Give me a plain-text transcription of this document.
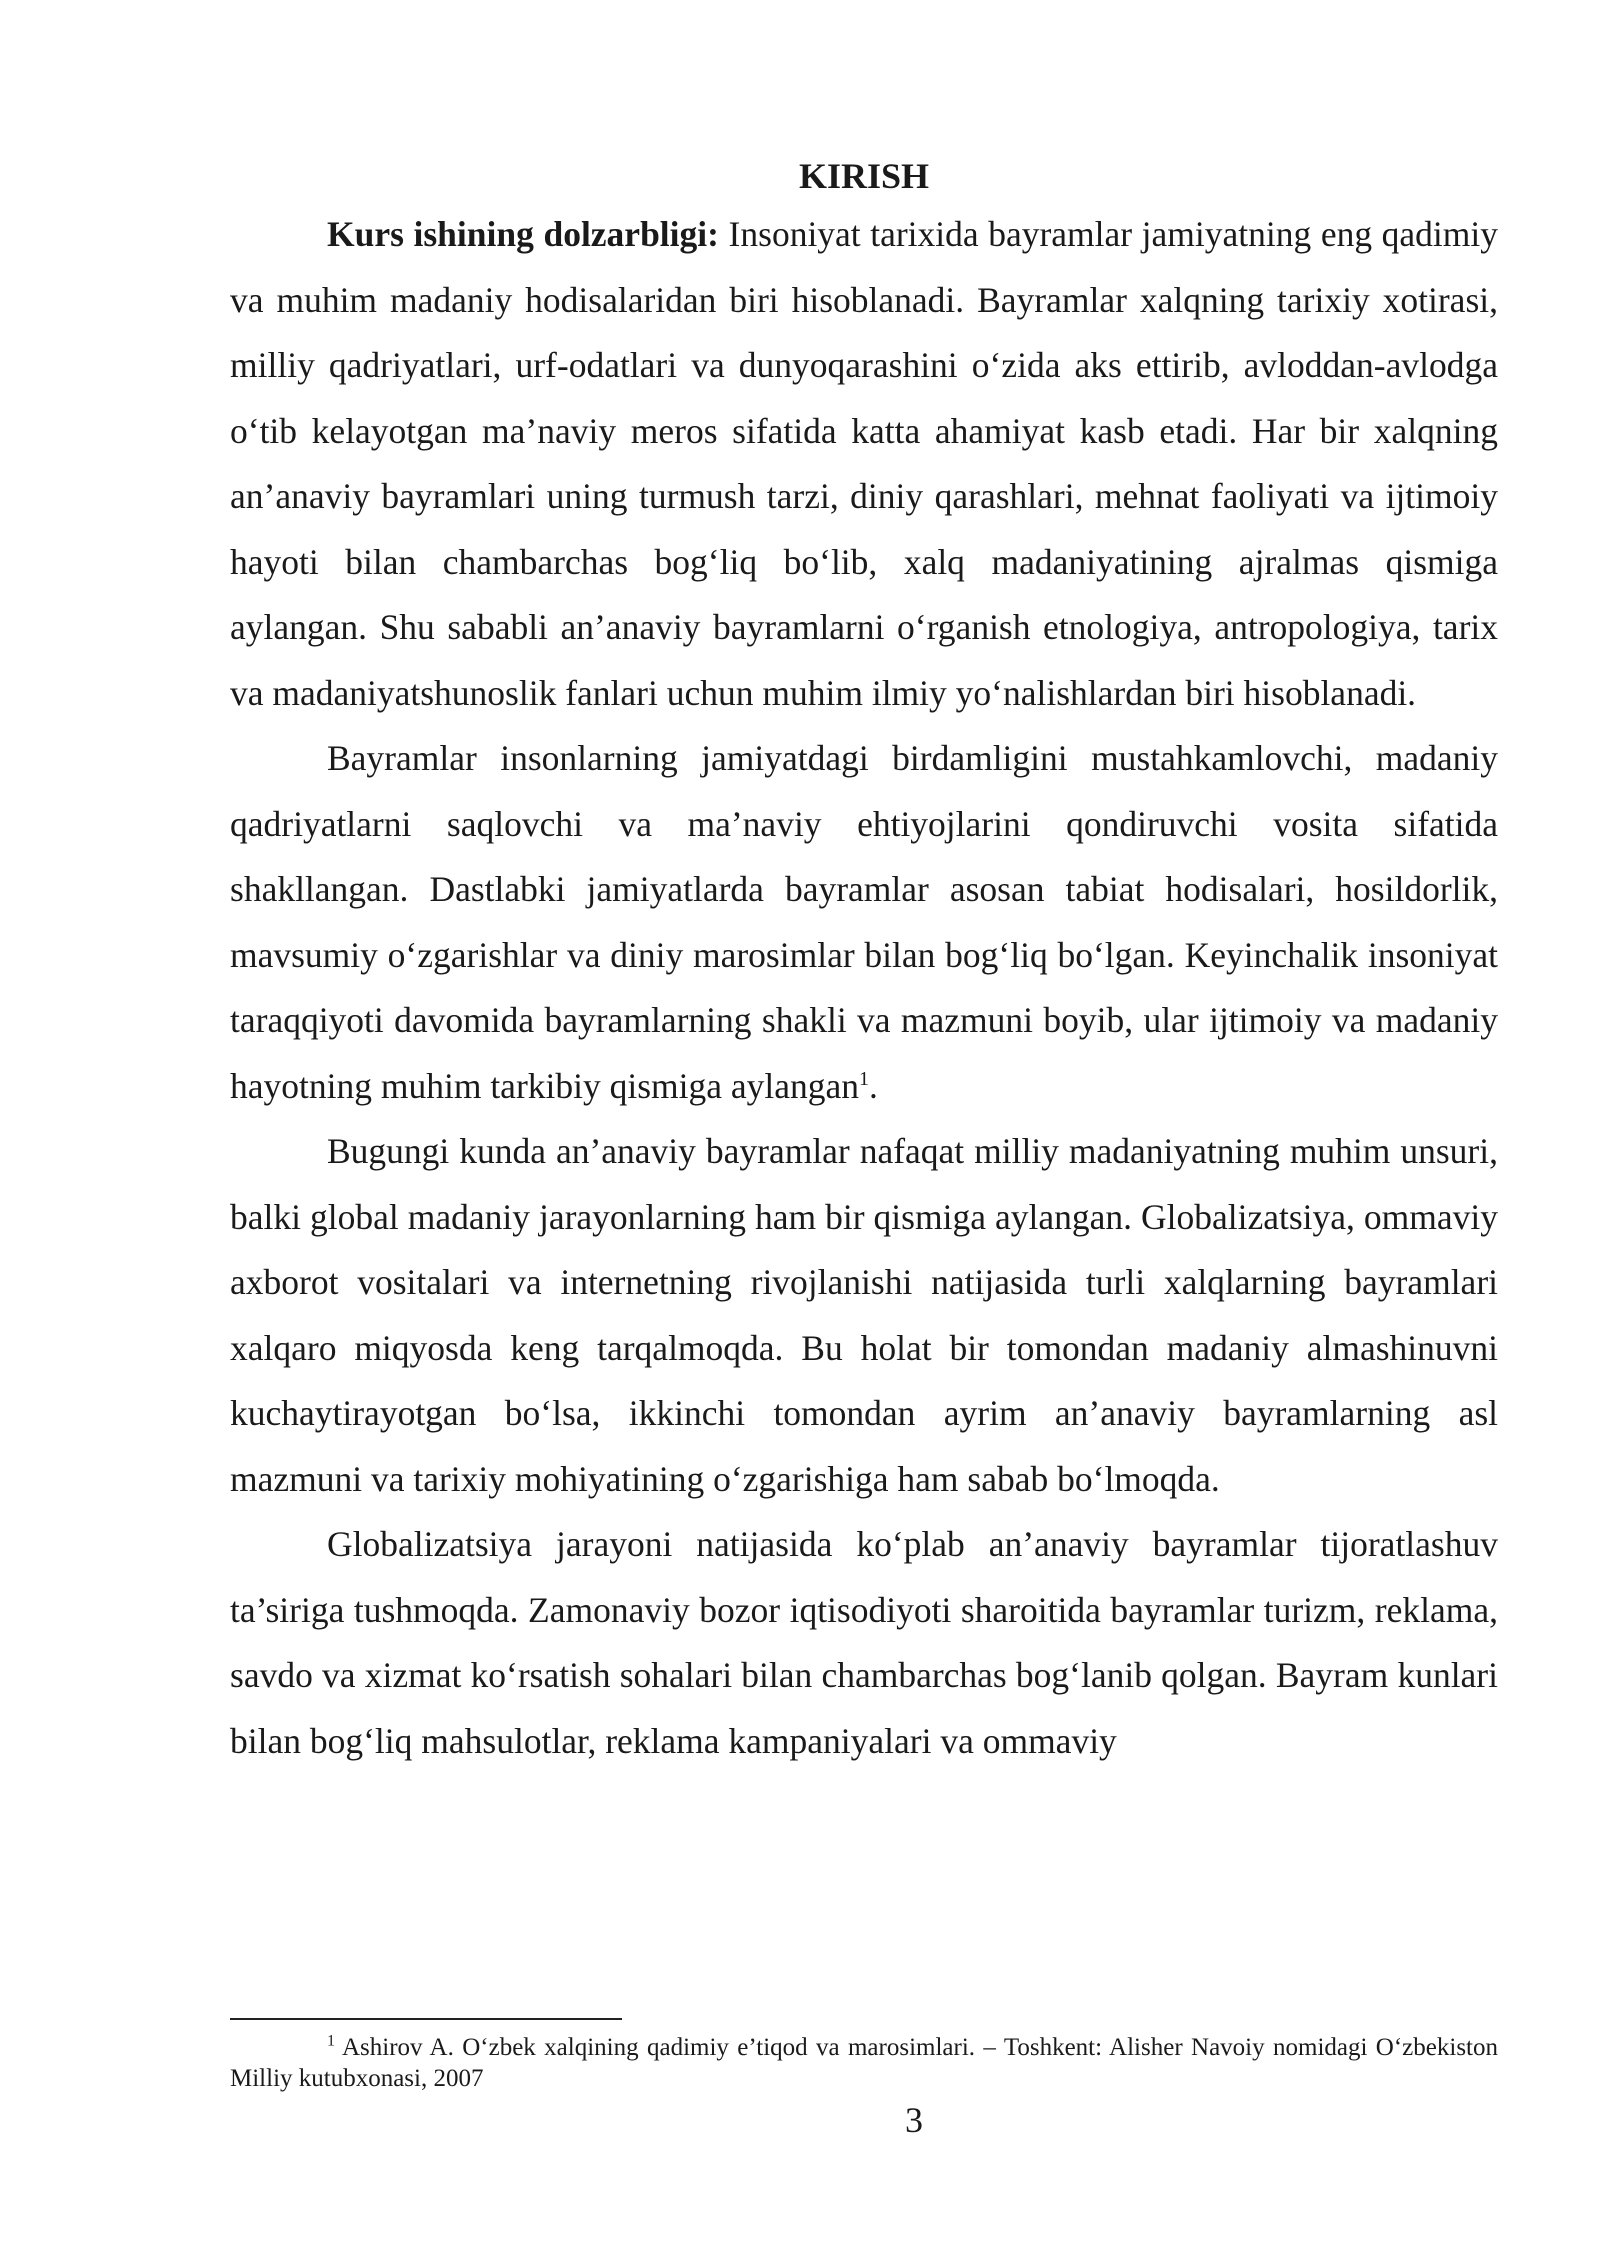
KIRISH

Kurs ishining dolzarbligi: Insoniyat tarixida bayramlar jamiyatning eng qadimiy va muhim madaniy hodisalaridan biri hisoblanadi. Bayramlar xalqning tarixiy xotirasi, milliy qadriyatlari, urf-odatlari va dunyoqarashini o‘zida aks ettirib, avloddan-avlodga o‘tib kelayotgan ma’naviy meros sifatida katta ahamiyat kasb etadi. Har bir xalqning an’anaviy bayramlari uning turmush tarzi, diniy qarashlari, mehnat faoliyati va ijtimoiy hayoti bilan chambarchas bog‘liq bo‘lib, xalq madaniyatining ajralmas qismiga aylangan. Shu sababli an’anaviy bayramlarni o‘rganish etnologiya, antropologiya, tarix va madaniyatshunoslik fanlari uchun muhim ilmiy yo‘nalishlardan biri hisoblanadi.

Bayramlar insonlarning jamiyatdagi birdamligini mustahkamlovchi, madaniy qadriyatlarni saqlovchi va ma’naviy ehtiyojlarini qondiruvchi vosita sifatida shakllangan. Dastlabki jamiyatlarda bayramlar asosan tabiat hodisalari, hosildorlik, mavsumiy o‘zgarishlar va diniy marosimlar bilan bog‘liq bo‘lgan. Keyinchalik insoniyat taraqqiyoti davomida bayramlarning shakli va mazmuni boyib, ular ijtimoiy va madaniy hayotning muhim tarkibiy qismiga aylangan$^1$.

Bugungi kunda an’anaviy bayramlar nafaqat milliy madaniyatning muhim unsuri, balki global madaniy jarayonlarning ham bir qismiga aylangan. Globalizatsiya, ommaviy axborot vositalari va internetning rivojlanishi natijasida turli xalqlarning bayramlari xalqaro miqyosda keng tarqalmoqda. Bu holat bir tomondan madaniy almashinuvni kuchaytirayotgan bo‘lsa, ikkinchi tomondan ayrim an’anaviy bayramlarning asl mazmuni va tarixiy mohiyatining o‘zgarishiga ham sabab bo‘lmoqda.

Globalizatsiya jarayoni natijasida ko‘plab an’anaviy bayramlar tijoratlashuv ta’siriga tushmoqda. Zamonaviy bozor iqtisodiyoti sharoitida bayramlar turizm, reklama, savdo va xizmat ko‘rsatish sohalari bilan chambarchas bog‘lanib qolgan. Bayram kunlari bilan bog‘liq mahsulotlar, reklama kampaniyalari va ommaviy

$^1$ Ashirov A. O‘zbek xalqining qadimiy e’tiqod va marosimlari. – Toshkent: Alisher Navoiy nomidagi O‘zbekiston Milliy kutubxonasi, 2007

3
